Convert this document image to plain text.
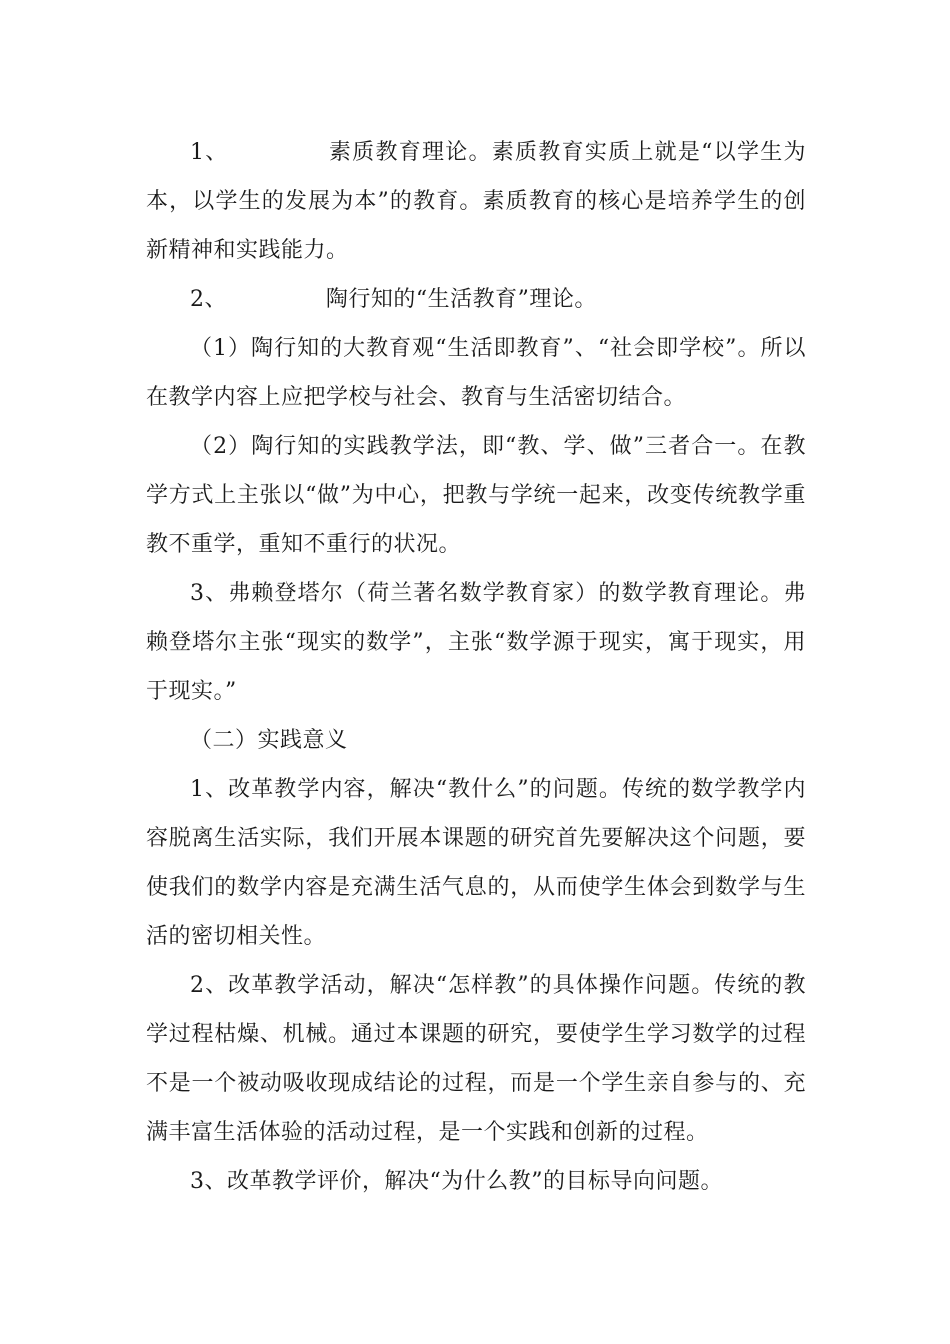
1、		素质教育理论。素质教育实质上就是“以学生为本，以学生的发展为本”的教育。素质教育的核心是培养学生的创新精神和实践能力。

2、		陶行知的“生活教育”理论。

（1）陶行知的大教育观“生活即教育”、“社会即学校”。所以在教学内容上应把学校与社会、教育与生活密切结合。

（2）陶行知的实践教学法，即“教、学、做”三者合一。在教学方式上主张以“做”为中心，把教与学统一起来，改变传统教学重教不重学，重知不重行的状况。

3、弗赖登塔尔（荷兰著名数学教育家）的数学教育理论。弗赖登塔尔主张“现实的数学”，主张“数学源于现实，寓于现实，用于现实。”

（二）实践意义

1、改革教学内容，解决“教什么”的问题。传统的数学教学内容脱离生活实际，我们开展本课题的研究首先要解决这个问题，要使我们的数学内容是充满生活气息的，从而使学生体会到数学与生活的密切相关性。

2、改革教学活动，解决“怎样教”的具体操作问题。传统的教学过程枯燥、机械。通过本课题的研究，要使学生学习数学的过程不是一个被动吸收现成结论的过程，而是一个学生亲自参与的、充满丰富生活体验的活动过程，是一个实践和创新的过程。

3、改革教学评价，解决“为什么教”的目标导向问题。
